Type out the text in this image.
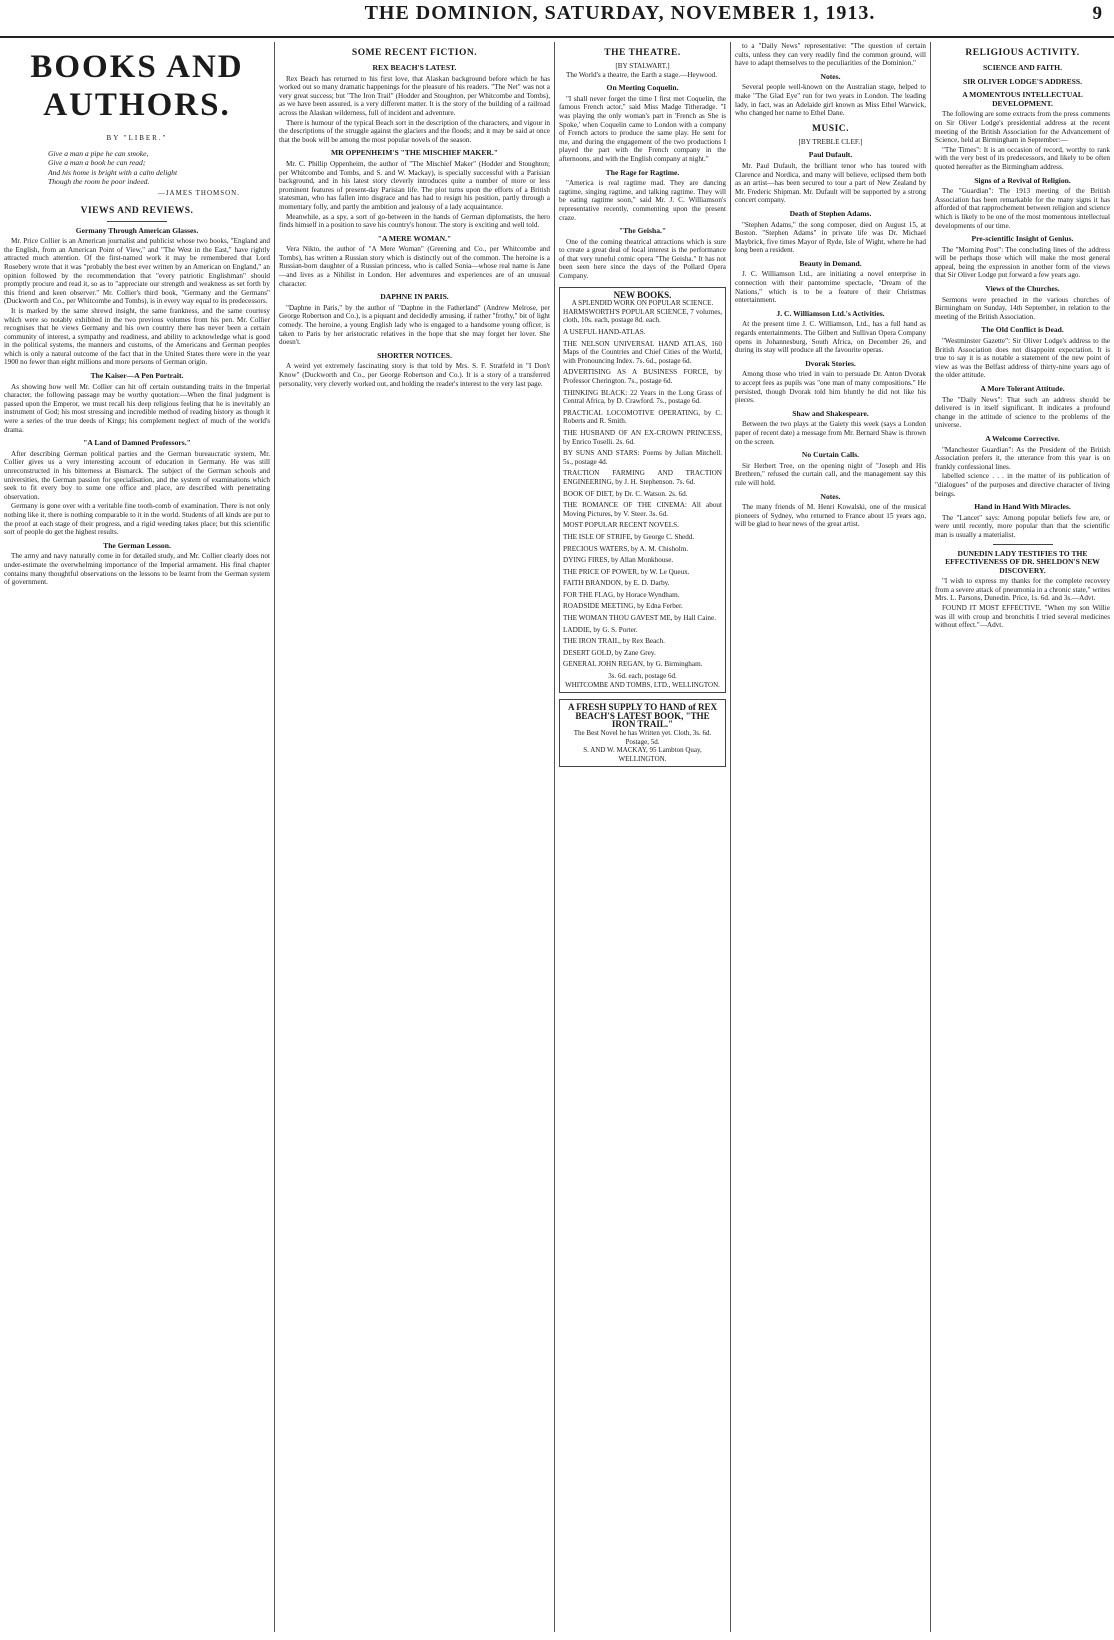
THE DOMINION, SATURDAY, NOVEMBER 1, 1913.	9
BOOKS AND AUTHORS.
BY "LIBER."

Give a man a pipe he can smoke,

Give a man a book he can read;

And his home is bright with a calm delight

Though the room be poor indeed.

—JAMES THOMSON.

VIEWS AND REVIEWS.
Germany Through American Glasses.

Mr. Price Collier is an American journalist and publicist whose two books, "England and the English, from an American Point of View," and "The West in the East," have rightly attracted much attention. Of the first-named work it may be remembered that Lord Rosebery wrote that it was "probably the best ever written by an American on England," an opinion followed by the recommendation that "every patriotic Englishman" should promptly procure and read it, so as to "appreciate our strength and weakness as set forth by this friend and keen observer." Mr. Collier's third book, "Germany and the Germans" (Duckworth and Co., per Whitcombe and Tombs), is in every way equal to its predecessors.

It is marked by the same shrewd insight, the same frankness, and the same courtesy which were so notably exhibited in the two previous volumes from his pen. Mr. Collier recognises that he views Germany and his own country there has never been a certain community of interest, a sympathy and readiness, and ability to acknowledge what is good in the political systems, the manners and customs, of the Americans and German peoples which is only a natural outcome of the fact that in the United States there were in the year 1900 no fewer than eight millions and more persons of German origin.

The Kaiser—A Pen Portrait.

As showing how well Mr. Collier can hit off certain outstanding traits in the Imperial character, the following passage may be worthy quotation:—When the final judgment is passed upon the Emperor, we must recall his deep religious feeling that he is inevitably an instrument of God; his most stressing and incredible method of reading history as though it were a series of the true deeds of Kings; his complement neglect of much of the world's drama.

"A Land of Damned Professors."

After describing German political parties and the German bureaucratic system, Mr. Collier gives us a very interesting account of education in Germany. He was still unreconstructed in his bitterness at Bismarck. The subject of the German schools and universities, the German passion for specialisation, and the system of examinations which seek to fit every boy to some one office and place, are described with penetrating observation.

Germany is gone over with a veritable fine tooth-comb of examination. There is not only nothing like it, there is nothing comparable to it in the world. Students of all kinds are put to the proof at each stage of their progress, and a rigid weeding takes place; but this scientific sort of people do get the highest results.

The German Lesson.

The army and navy naturally come in for detailed study, and Mr. Collier clearly does not under-estimate the overwhelming importance of the Imperial armament. His final chapter contains many thoughtful observations on the lessons to be learnt from the German system of government.

SOME RECENT FICTION.
REX BEACH'S LATEST.

Rex Beach has returned to his first love, that Alaskan background before which he has worked out so many dramatic happenings for the pleasure of his readers. "The Net" was not a very great success; but "The Iron Trail" (Hodder and Stoughton, per Whitcombe and Tombs), as we have been assured, is a very different matter. It is the story of the building of a railroad across the Alaskan wilderness, full of incident and adventure.

There is humour of the typical Beach sort in the description of the characters, and vigour in the descriptions of the struggle against the glaciers and the floods; and it may be said at once that the book will be among the most popular novels of the season.

MR OPPENHEIM'S "THE MISCHIEF MAKER."

Mr. C. Phillip Oppenheim, the author of "The Mischief Maker" (Hodder and Stoughton; per Whitcombe and Tombs, and S. and W. Mackay), is specially successful with a Parisian background, and in his latest story cleverly introduces quite a number of more or less prominent features of present-day Parisian life. The plot turns upon the efforts of a British statesman, who has fallen into disgrace and has had to resign his position, partly through a momentary folly, and partly the ambition and jealousy of a lady acquaintance.

Meanwhile, as a spy, a sort of go-between in the hands of German diplomatists, the hero finds himself in a position to save his country's honour. The story is exciting and well told.

"A MERE WOMAN."

Vera Nikto, the author of "A Mere Woman" (Greening and Co., per Whitcombe and Tombs), has written a Russian story which is distinctly out of the common. The heroine is a Russian-born daughter of a Russian princess, who is called Sonia—whose real name is Jane—and lives as a Nihilist in London. Her adventures and experiences are of an unusual character.

DAPHNE IN PARIS.

"Daphne in Paris," by the author of "Daphne in the Fatherland" (Andrew Melrose, per George Robertson and Co.), is a piquant and decidedly amusing, if rather "frothy," bit of light comedy. The heroine, a young English lady who is engaged to a handsome young officer, is taken to Paris by her aristocratic relatives in the hope that she may forget her lover. She doesn't.

SHORTER NOTICES.

A weird yet extremely fascinating story is that told by Mrs. S. F. Stratfeld in "I Don't Know" (Duckworth and Co., per George Robertson and Co.). It is a story of a transferred personality, very cleverly worked out, and holding the reader's interest to the very last page.

THE THEATRE.
[BY STALWART.]

The World's a theatre, the Earth a stage.—Heywood.

On Meeting Coquelin.

"I shall never forget the time I first met Coquelin, the famous French actor," said Miss Madge Titheradge. "I was playing the only woman's part in 'French as She is Spoke,' when Coquelin came to London with a company of French actors to produce the same play. He sent for me, and during the engagement of the two productions I played the part with the French company in the afternoons, and with the English company at night."

The Rage for Ragtime.

"America is real ragtime mad. They are dancing ragtime, singing ragtime, and talking ragtime. They will be eating ragtime soon," said Mr. J. C. Williamson's representative recently, commenting upon the present craze.

"The Geisha."

One of the coming theatrical attractions which is sure to create a great deal of local interest is the performance of that very tuneful comic opera "The Geisha." It has not been seen here since the days of the Pollard Opera Company.

NEW BOOKS.
A SPLENDID WORK ON POPULAR SCIENCE.

HARMSWORTH'S POPULAR SCIENCE, 7 volumes, cloth, 10s. each, postage 8d. each.

A USEFUL HAND-ATLAS.

THE NELSON UNIVERSAL HAND ATLAS, 160 Maps of the Countries and Chief Cities of the World, with Pronouncing Index. 7s. 6d., postage 6d.

ADVERTISING AS A BUSINESS FORCE, by Professor Cherington. 7s., postage 6d.

THINKING BLACK: 22 Years in the Long Grass of Central Africa, by D. Crawford. 7s., postage 6d.

PRACTICAL LOCOMOTIVE OPERATING, by C. Roberts and R. Smith.

THE HUSBAND OF AN EX-CROWN PRINCESS, by Enrico Toselli. 2s. 6d.

BY SUNS AND STARS: Poems by Julian Mitchell. 5s., postage 4d.

TRACTION FARMING AND TRACTION ENGINEERING, by J. H. Stephenson. 7s. 6d.

BOOK OF DIET, by Dr. C. Watson. 2s. 6d.

THE ROMANCE OF THE CINEMA: All about Moving Pictures, by V. Steer. 3s. 6d.

MOST POPULAR RECENT NOVELS.

THE ISLE OF STRIFE, by George C. Shedd.

PRECIOUS WATERS, by A. M. Chisholm.

DYING FIRES, by Allan Monkhouse.

THE PRICE OF POWER, by W. Le Queux.

FAITH BRANDON, by E. D. Darby.

FOR THE FLAG, by Horace Wyndham.

ROADSIDE MEETING, by Edna Ferber.

THE WOMAN THOU GAVEST ME, by Hall Caine.

LADDIE, by G. S. Porter.

THE IRON TRAIL, by Rex Beach.

DESERT GOLD, by Zane Grey.

GENERAL JOHN REGAN, by G. Birmingham.

3s. 6d. each, postage 6d.
WHITCOMBE AND TOMBS, LTD., WELLINGTON.
A FRESH SUPPLY TO HAND of REX BEACH'S LATEST BOOK, "THE IRON TRAIL."
The Best Novel he has Written yet. Cloth, 3s. 6d. Postage, 5d.
S. AND W. MACKAY, 95 Lambton Quay, WELLINGTON.

to a "Daily News" representative: "The question of certain cults, unless they can very readily find the common ground, will have to adapt themselves to the peculiarities of the Dominion."

Notes.

Several people well-known on the Australian stage, helped to make "The Glad Eye" run for two years in London. The leading lady, in fact, was an Adelaide girl known as Miss Ethel Warwick, who changed her name to Ethel Dane.

MUSIC.
[BY TREBLE CLEF.]
Paul Dufault.

Mr. Paul Dufault, the brilliant tenor who has toured with Clarence and Nordica, and many will believe, eclipsed them both as an artist—has been secured to tour a part of New Zealand by Mr. Frederic Shipman. Mr. Dufault will be supported by a strong concert company.

Death of Stephen Adams.

"Stephen Adams," the song composer, died on August 15, at Boston. "Stephen Adams" in private life was Dr. Michael Maybrick, five times Mayor of Ryde, Isle of Wight, where he had long been a resident.

Beauty in Demand.

J. C. Williamson Ltd., are initiating a novel enterprise in connection with their pantomime spectacle, "Dream of the Nations," which is to be a feature of their Christmas entertainment.

J. C. Williamson Ltd.'s Activities.

At the present time J. C. Williamson, Ltd., has a full hand as regards entertainments. The Gilbert and Sullivan Opera Company opens in Johannesburg, South Africa, on December 26, and during its stay will produce all the favourite operas.

Dvorak Stories.

Among those who tried in vain to persuade Dr. Anton Dvorak to accept fees as pupils was "one man of many compositions." He persisted, though Dvorak told him bluntly he did not like his pieces.

Shaw and Shakespeare.

Between the two plays at the Gaiety this week (says a London paper of recent date) a message from Mr. Bernard Shaw is thrown on the screen.

No Curtain Calls.

Sir Herbert Tree, on the opening night of "Joseph and His Brethren," refused the curtain call, and the management say this rule will hold.

Notes.

The many friends of M. Henri Kowalski, one of the musical pioneers of Sydney, who returned to France about 15 years ago, will be glad to hear news of the great artist.

RELIGIOUS ACTIVITY.
SCIENCE AND FAITH.
SIR OLIVER LODGE'S ADDRESS.
A MOMENTOUS INTELLECTUAL DEVELOPMENT.

The following are some extracts from the press comments on Sir Oliver Lodge's presidential address at the recent meeting of the British Association for the Advancement of Science, held at Birmingham in September:—

"The Times": It is an occasion of record, worthy to rank with the very best of its predecessors, and likely to be often quoted hereafter as the Birmingham address.

Signs of a Revival of Religion.

The "Guardian": The 1913 meeting of the British Association has been remarkable for the many signs it has afforded of that rapprochement between religion and science which is likely to be one of the most momentous intellectual developments of our time.

Pre-scientific Insight of Genius.

The "Morning Post": The concluding lines of the address will be perhaps those which will make the most general appeal, being the expression in another form of the views that Sir Oliver Lodge put forward a few years ago.

Views of the Churches.

Sermons were preached in the various churches of Birmingham on Sunday, 14th September, in relation to the meeting of the British Association.

The Old Conflict is Dead.

"Westminster Gazette": Sir Oliver Lodge's address to the British Association does not disappoint expectation. It is true to say it is as notable a statement of the new point of view as was the Belfast address of thirty-nine years ago of the older attitude.

A More Tolerant Attitude.

The "Daily News": That such an address should be delivered is in itself significant. It indicates a profound change in the attitude of science to the problems of the universe.

A Welcome Corrective.

"Manchester Guardian": As the President of the British Association prefers it, the utterance from this year is on frankly confessional lines.

labelled science . . . in the matter of its publication of "dialogues" of the purposes and directive character of living beings.

Hand in Hand With Miracles.

The "Lancet" says: Among popular beliefs few are, or were until recently, more popular than that the scientific man is usually a materialist.

DUNEDIN LADY TESTIFIES TO THE EFFECTIVENESS OF DR. SHELDON'S NEW DISCOVERY.

"I wish to express my thanks for the complete recovery from a severe attack of pneumonia in a chronic state," writes Mrs. L. Parsons, Dunedin. Price, 1s. 6d. and 3s.—Advt.

FOUND IT MOST EFFECTIVE. "When my son Willie was ill with croup and bronchitis I tried several medicines without effect."—Advt.
